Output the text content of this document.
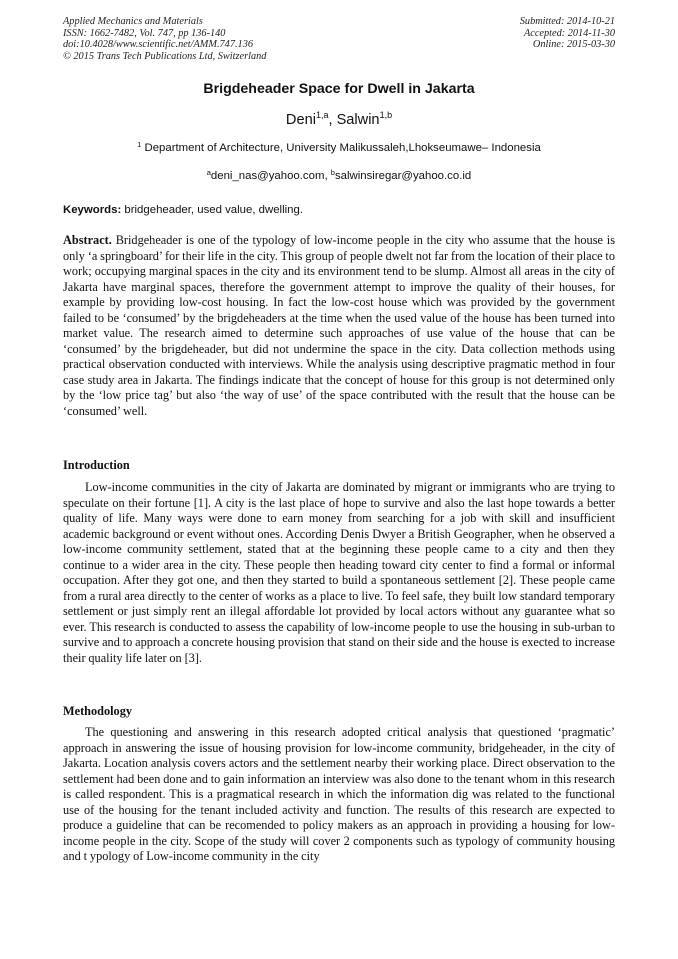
Applied Mechanics and Materials
ISSN: 1662-7482, Vol. 747, pp 136-140
doi:10.4028/www.scientific.net/AMM.747.136
© 2015 Trans Tech Publications Ltd, Switzerland
Submitted: 2014-10-21
Accepted: 2014-11-30
Online: 2015-03-30
Brigdeheader Space for Dwell in Jakarta
Deni$^{1,a}$, Salwin$^{1,b}$
$^1$ Department of Architecture, University Malikussaleh,Lhokseumawe– Indonesia
$^a$deni_nas@yahoo.com, $^b$salwinsiregar@yahoo.co.id
Keywords: bridgeheader, used value, dwelling.

Abstract. Bridgeheader is one of the typology of low-income people in the city who assume that the house is only ‘a springboard’ for their life in the city. This group of people dwelt not far from the location of their place to work; occupying marginal spaces in the city and its environment tend to be slump. Almost all areas in the city of Jakarta have marginal spaces, therefore the government attempt to improve the quality of their houses, for example by providing low-cost housing. In fact the low-cost house which was provided by the government failed to be ‘consumed’ by the brigdeheaders at the time when the used value of the house has been turned into market value. The research aimed to determine such approaches of use value of the house that can be ‘consumed’ by the brigdeheader, but did not undermine the space in the city. Data collection methods using practical observation conducted with interviews. While the analysis using descriptive pragmatic method in four case study area in Jakarta. The findings indicate that the concept of house for this group is not determined only by the ‘low price tag’ but also ‘the way of use’ of the space contributed with the result that the house can be ‘consumed’ well.

Introduction

Low-income communities in the city of Jakarta are dominated by migrant or immigrants who are trying to speculate on their fortune [1]. A city is the last place of hope to survive and also the last hope towards a better quality of life. Many ways were done to earn money from searching for a job with skill and insufficient academic background or event without ones. According Denis Dwyer a British Geographer, when he observed a low-income community settlement, stated that at the beginning these people came to a city and then they continue to a wider area in the city. These people then heading toward city center to find a formal or informal occupation. After they got one, and then they started to build a spontaneous settlement [2]. These people came from a rural area directly to the center of works as a place to live. To feel safe, they built low standard temporary settlement or just simply rent an illegal affordable lot provided by local actors without any guarantee what so ever. This research is conducted to assess the capability of low-income people to use the housing in sub-urban to survive and to approach a concrete housing provision that stand on their side and the house is exected to increase their quality life later on [3].

Methodology

The questioning and answering in this research adopted critical analysis that questioned ‘pragmatic’ approach in answering the issue of housing provision for low-income community, bridgeheader, in the city of Jakarta. Location analysis covers actors and the settlement nearby their working place. Direct observation to the settlement had been done and to gain information an interview was also done to the tenant whom in this research is called respondent. This is a pragmatical research in which the information dig was related to the functional use of the housing for the tenant included activity and function. The results of this research are expected to produce a guideline that can be recomended to policy makers as an approach in providing a housing for low-income people in the city. Scope of the study will cover 2 components such as typology of community housing and t ypology of Low-income community in the city
